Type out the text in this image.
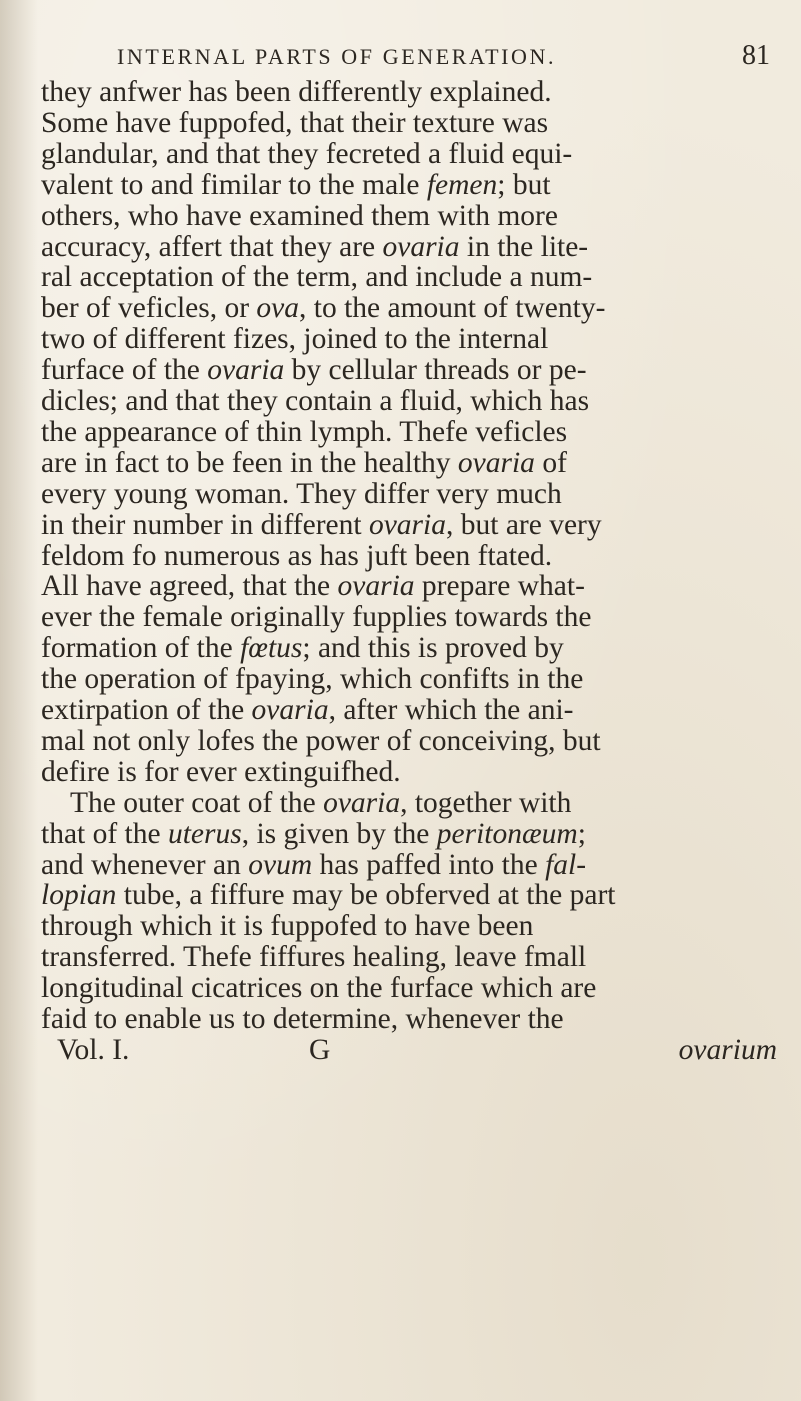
INTERNAL PARTS OF GENERATION.	81
they anfwer has been differently explained.
Some have fuppofed, that their texture was
glandular, and that they fecreted a fluid equi-
valent to and fimilar to the male femen; but
others, who have examined them with more
accuracy, affert that they are ovaria in the lite-
ral acceptation of the term, and include a num-
ber of veficles, or ova, to the amount of twenty-
two of different fizes, joined to the internal
furface of the ovaria by cellular threads or pe-
dicles; and that they contain a fluid, which has
the appearance of thin lymph. Thefe veficles
are in fact to be feen in the healthy ovaria of
every young woman. They differ very much
in their number in different ovaria, but are very
feldom fo numerous as has juft been ftated.
All have agreed, that the ovaria prepare what-
ever the female originally fupplies towards the
formation of the fœtus; and this is proved by
the operation of fpaying, which confifts in the
extirpation of the ovaria, after which the ani-
mal not only lofes the power of conceiving, but
defire is for ever extinguifhed.
The outer coat of the ovaria, together with
that of the uterus, is given by the peritonæum;
and whenever an ovum has paffed into the fal-
lopian tube, a fiffure may be obferved at the part
through which it is fuppofed to have been
transferred. Thefe fiffures healing, leave fmall
longitudinal cicatrices on the furface which are
faid to enable us to determine, whenever the
Vol. I.	G	ovarium
